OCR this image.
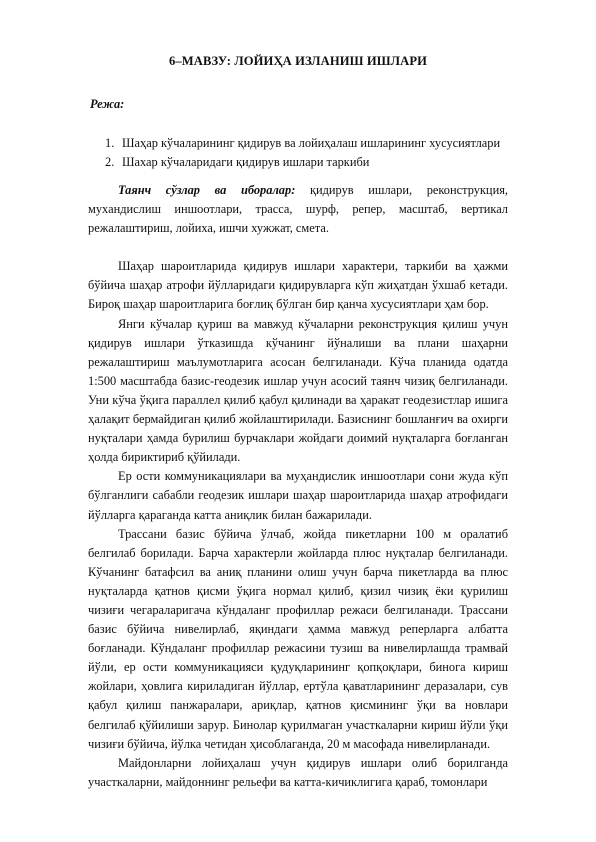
6–МАВЗУ: ЛОЙИҲА ИЗЛАНИШ ИШЛАРИ
Режа:
1. Шаҳар кўчаларининг қидирув ва лойиҳалаш ишларининг хусусиятлари
2. Шахар кўчаларидаги қидирув ишлари таркиби

Таянч сўзлар ва иборалар: қидирув ишлари, реконструкция, мухандислиш иншоотлари, трасса, шурф, репер, масштаб, вертикал режалаштириш, лойиха, ишчи хужжат, смета.

Шаҳар шароитларида қидирув ишлари характери, таркиби ва ҳажми бўйича шаҳар атрофи йўлларидаги қидирувларга кўп жиҳатдан ўхшаб кетади. Бироқ шаҳар шароитларига боғлиқ бўлган бир қанча хусусиятлари ҳам бор.

Янги кўчалар қуриш ва мавжуд кўчаларни реконструкция қилиш учун қидирув ишлари ўтказишда кўчанинг йўналиши ва плани шаҳарни режалаштириш маълумотларига асосан белгиланади. Кўча планида одатда 1:500 масштабда базис-геодезик ишлар учун асосий таянч чизиқ белгиланади. Уни кўча ўқига параллел қилиб қабул қилинади ва ҳаракат геодезистлар ишига ҳалақит бермайдиган қилиб жойлаштирилади. Базиснинг бошланғич ва охирги нуқталари ҳамда бурилиш бурчаклари жойдаги доимий нуқталарга боғланган ҳолда бириктириб қўйилади.

Ер ости коммуникациялари ва муҳандислик иншоотлари сони жуда кўп бўлганлиги сабабли геодезик ишлари шаҳар шароитларида шаҳар атрофидаги йўлларга қараганда катта аниқлик билан бажарилади.

Трассани базис бўйича ўлчаб, жойда пикетларни 100 м оралатиб белгилаб борилади. Барча характерли жойларда плюс нуқталар белгиланади. Кўчанинг батафсил ва аниқ планини олиш учун барча пикетларда ва плюс нуқталарда қатнов қисми ўқига нормал қилиб, қизил чизиқ ёки қурилиш чизиғи чегараларигача кўндаланг профиллар режаси белгиланади. Трассани базис бўйича нивелирлаб, яқиндаги ҳамма мавжуд реперларга албатта боғланади. Кўндаланг профиллар режасини тузиш ва нивелирлашда трамвай йўли, ер ости коммуникацияси қудуқларининг қопқоқлари, бинога кириш жойлари, ҳовлига кириладиган йўллар, ертўла қаватларининг деразалари, сув қабул қилиш панжаралари, ариқлар, қатнов қисмининг ўқи ва новлари белгилаб қўйилиши зарур. Бинолар қурилмаган участкаларни кириш йўли ўқи чизиғи бўйича, йўлка четидан ҳисоблаганда, 20 м масофада нивелирланади.

Майдонларни лойиҳалаш учун қидирув ишлари олиб борилганда участкаларни, майдоннинг рельефи ва катта-кичиклигига қараб, томонлари
